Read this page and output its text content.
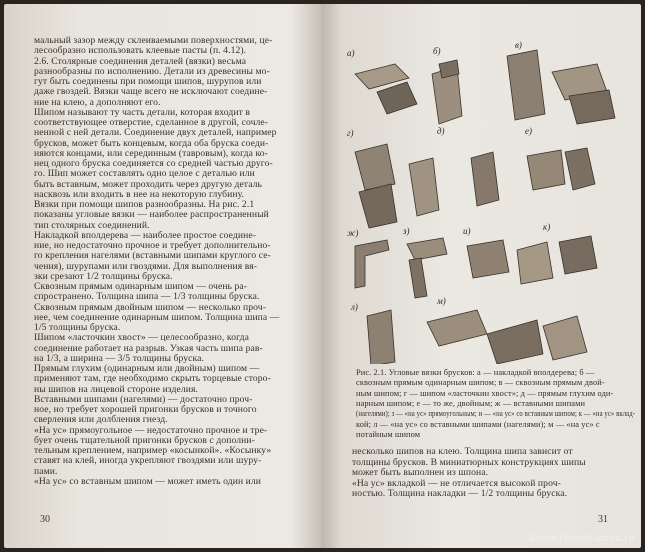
мальный зазор между склеиваемыми поверхностями, це-
лесообразно использовать клеевые пасты (п. 4.12).
2.6. Столярные соединения деталей (вязки) весьма
разнообразны по исполнению. Детали из древесины мо-
гут быть соединены при помощи шипов, шурупов или
даже гвоздей. Вязки чаще всего не исключают соедине-
ние на клею, а дополняют его.
Шипом называют ту часть детали, которая входит в
соответствующее отверстие, сделанное в другой, сочле-
ненной с ней детали. Соединение двух деталей, например
брусков, может быть концевым, когда оба бруска соеди-
няются концами, или серединным (тавровым), когда ко-
нец одного бруска соединяется со средней частью друго-
го. Шип может составлять одно целое с деталью или
быть вставным, может проходить через другую деталь
насквозь или входить в нее на некоторую глубину.
Вязки при помощи шипов разнообразны. На рис. 2.1
показаны угловые вязки — наиболее распространенный
тип столярных соединений.
Накладкой вполдерева — наиболее простое соедине-
ние, но недостаточно прочное и требует дополнительно-
го крепления нагелями (вставными шипами круглого се-
чения), шурупами или гвоздями. Для выполнения вя-
зки срезают 1/2 толщины бруска.
Сквозным прямым одинарным шипом — очень ра-
спространено. Толщина шипа — 1/3 толщины бруска.
Сквозным прямым двойным шипом — несколько проч-
нее, чем соединение одинарным шипом. Толщина шипа —
1/5 толщины бруска.
Шипом «ласточкин хвост» — целесообразно, когда
соединение работает на разрыв. Узкая часть шипа рав-
на 1/3, а ширина — 3/5 толщины бруска.
Прямым глухим (одинарным или двойным) шипом —
применяют там, где необходимо скрыть торцевые сторо-
ны шипов на лицевой стороне изделия.
Вставными шипами (нагелями) — достаточно проч-
ное, но требует хорошей пригонки брусков и точного
сверления или долбления гнезд.
«На ус» прямоугольное — недостаточно прочное и тре-
бует очень тщательной пригонки брусков с дополни-
тельным креплением, например «косынкой». «Косынку»
ставят на клей, иногда укрепляют гвоздями или шуру-
пами.
«На ус» со вставным шипом — может иметь один или
30
а)	б)
в)
г)	д)	е)
ж)	з)	и)	к)
л)
м)
Рис. 2.1. Угловые вязки брусков: а — накладкой вполдерева; б —
сквозным прямым одинарным шипом; в — сквозным прямым двой-
ным шипом; г — шипом «ласточкин хвост»; д — прямым глухим оди-
нарным шипом; е — то же, двойным; ж — вставными шипами
(нагелями); з — «на ус» прямоугольным; и — «на ус» со вставным шипом; к — «на ус» вклад-
кой; л — «на ус» со вставными шипами (нагелями); м — «на ус» с
потайным шипом
несколько шипов на клею. Толщина шипа зависит от
толщины брусков. В миниатюрных конструкциях шипы
может быть выполнен из шпона.
«На ус» вкладкой — не отличается высокой проч-
ностью. Толщина накладки — 1/2 толщины бруска.
31
SovieTchest.ucoz.ru
